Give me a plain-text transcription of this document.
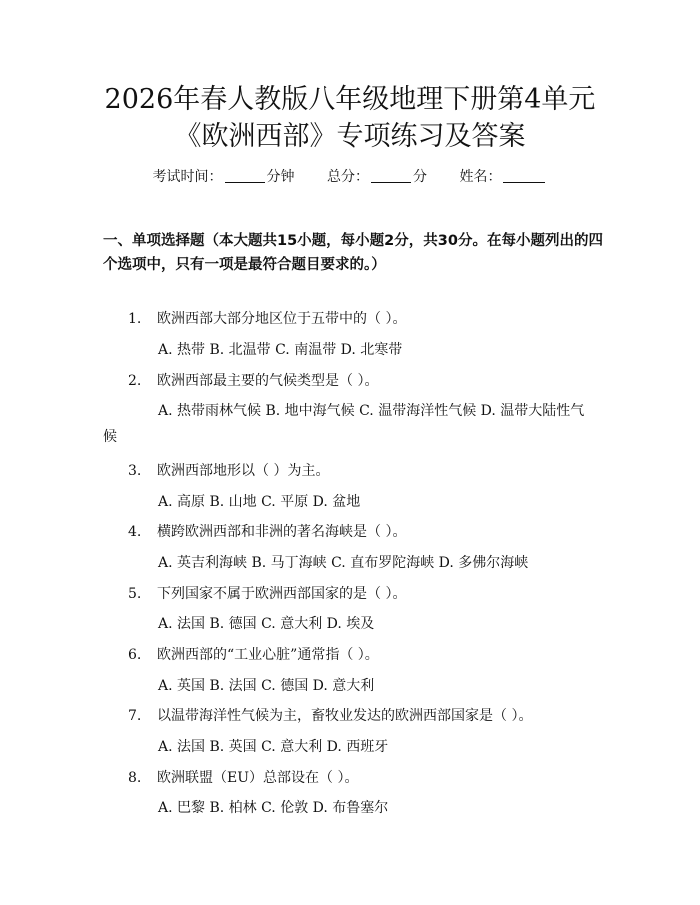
2026年春人教版八年级地理下册第4单元
《欧洲西部》专项练习及答案
考试时间：	分钟 总分：	分 姓名：
一、单项选择题（本大题共15小题，每小题2分，共30分。在每小题列出的四个选项中，只有一项是最符合题目要求的。）
1.	欧洲西部大部分地区位于五带中的（ ）。
A. 热带 B. 北温带 C. 南温带 D. 北寒带
2.	欧洲西部最主要的气候类型是（ ）。
A. 热带雨林气候 B. 地中海气候 C. 温带海洋性气候 D. 温带大陆性气候
3.	欧洲西部地形以（ ）为主。
A. 高原 B. 山地 C. 平原 D. 盆地
4.	横跨欧洲西部和非洲的著名海峡是（ ）。
A. 英吉利海峡 B. 马丁海峡 C. 直布罗陀海峡 D. 多佛尔海峡
5.	下列国家不属于欧洲西部国家的是（ ）。
A. 法国 B. 德国 C. 意大利 D. 埃及
6.	欧洲西部的“工业心脏”通常指（ ）。
A. 英国 B. 法国 C. 德国 D. 意大利
7.	以温带海洋性气候为主，畜牧业发达的欧洲西部国家是（ ）。
A. 法国 B. 英国 C. 意大利 D. 西班牙
8.	欧洲联盟（EU）总部设在（ ）。
A. 巴黎 B. 柏林 C. 伦敦 D. 布鲁塞尔
